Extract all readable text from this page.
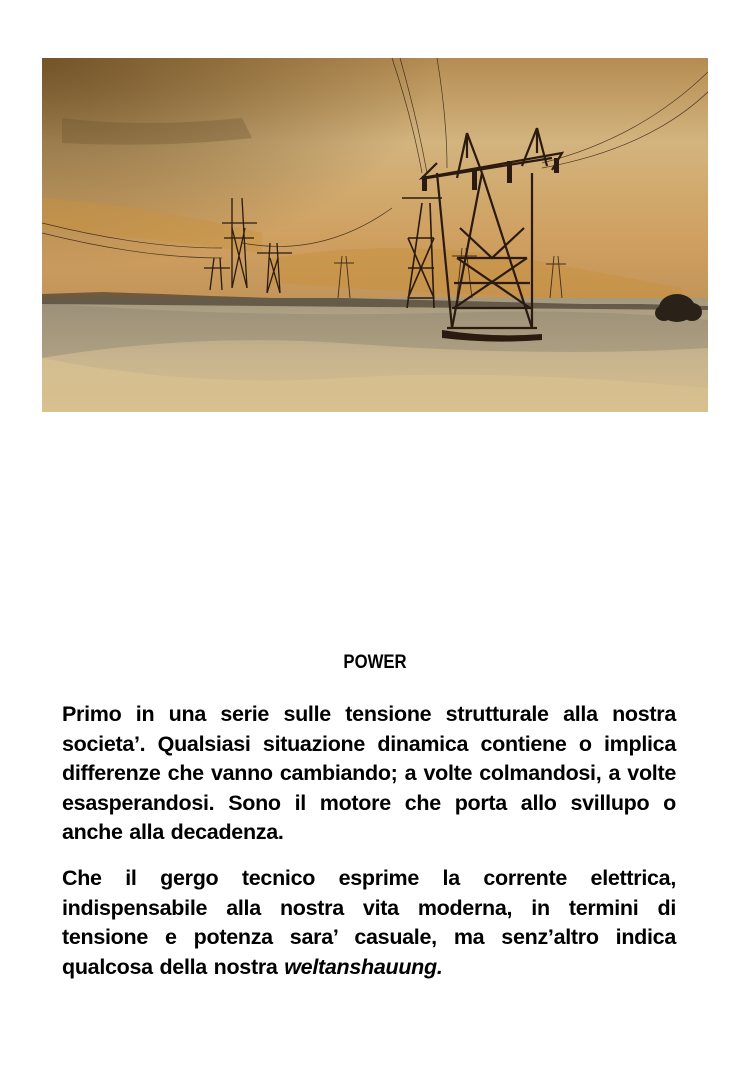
POWER

Primo in una serie sulle tensione strutturale alla nostra societa’. Qualsiasi situazione dinamica contiene o implica differenze che vanno cambiando; a volte colmandosi, a volte esasperandosi. Sono il motore che porta allo svillupo o anche alla decadenza.

Che il gergo tecnico esprime la corrente elettrica, indispensabile alla nostra vita moderna, in termini di tensione e potenza sara’ casuale, ma senz’altro indica qualcosa della nostra weltanshauung.
